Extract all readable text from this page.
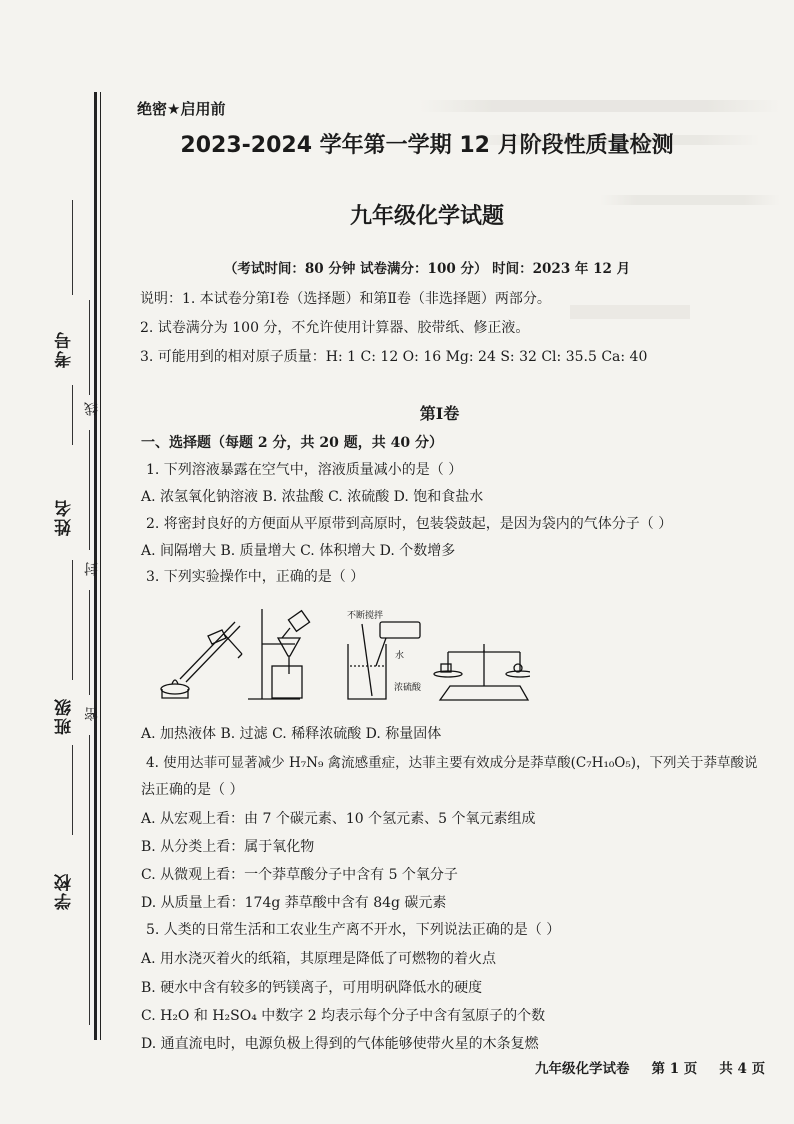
考号
姓名
班级
学校
线
封
密
绝密★启用前
2023-2024 学年第一学期 12 月阶段性质量检测
九年级化学试题
（考试时间：80 分钟 试卷满分：100 分） 时间：2023 年 12 月
说明：1. 本试卷分第Ⅰ卷（选择题）和第Ⅱ卷（非选择题）两部分。
2. 试卷满分为 100 分，不允许使用计算器、胶带纸、修正液。
3. 可能用到的相对原子质量：H: 1 C: 12 O: 16 Mg: 24 S: 32 Cl: 35.5 Ca: 40
第Ⅰ卷
一、选择题（每题 2 分，共 20 题，共 40 分）
1. 下列溶液暴露在空气中，溶液质量减小的是（ ）
A. 浓氢氧化钠溶液 B. 浓盐酸 C. 浓硫酸 D. 饱和食盐水
2. 将密封良好的方便面从平原带到高原时，包装袋鼓起，是因为袋内的气体分子（ ）
A. 间隔增大 B. 质量增大 C. 体积增大 D. 个数增多
3. 下列实验操作中，正确的是（ ）
不断搅拌
水
浓硫酸
A. 加热液体 B. 过滤 C. 稀释浓硫酸 D. 称量固体
4. 使用达菲可显著减少 H₇N₉ 禽流感重症，达菲主要有效成分是莽草酸(C₇H₁₀O₅)，下列关于莽草酸说
法正确的是（ ）
A. 从宏观上看：由 7 个碳元素、10 个氢元素、5 个氧元素组成
B. 从分类上看：属于氧化物
C. 从微观上看：一个莽草酸分子中含有 5 个氧分子
D. 从质量上看：174g 莽草酸中含有 84g 碳元素
5. 人类的日常生活和工农业生产离不开水，下列说法正确的是（ ）
A. 用水浇灭着火的纸箱，其原理是降低了可燃物的着火点
B. 硬水中含有较多的钙镁离子，可用明矾降低水的硬度
C. H₂O 和 H₂SO₄ 中数字 2 均表示每个分子中含有氢原子的个数
D. 通直流电时，电源负极上得到的气体能够使带火星的木条复燃
九年级化学试卷 第 1 页 共 4 页
